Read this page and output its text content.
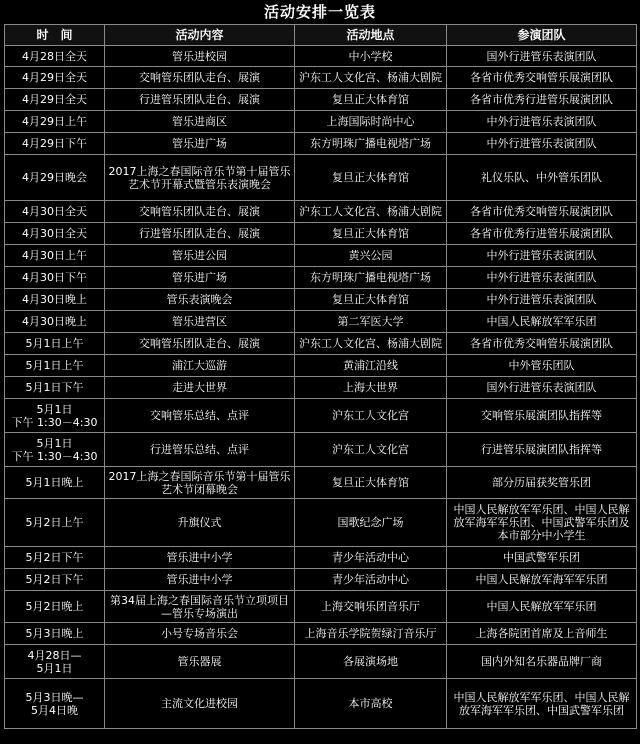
活动安排一览表
时　间	活动内容	活动地点	参演团队
4月28日全天	管乐进校园	中小学校	国外行进管乐表演团队
4月29日全天	交响管乐团队走台、展演	沪东工人文化宫、杨浦大剧院	各省市优秀交响管乐展演团队
4月29日全天	行进管乐团队走台、展演	复旦正大体育馆	各省市优秀行进管乐展演团队
4月29日上午	管乐进商区	上海国际时尚中心	中外行进管乐表演团队
4月29日下午	管乐进广场	东方明珠广播电视塔广场	中外行进管乐表演团队
4月29日晚会	2017上海之春国际音乐节第十届管乐艺术节开幕式暨管乐表演晚会	复旦正大体育馆	礼仪乐队、中外管乐团队
4月30日全天	交响管乐团队走台、展演	沪东工人文化宫、杨浦大剧院	各省市优秀交响管乐展演团队
4月30日全天	行进管乐团队走台、展演	复旦正大体育馆	各省市优秀行进管乐展演团队
4月30日上午	管乐进公园	黄兴公园	中外行进管乐表演团队
4月30日下午	管乐进广场	东方明珠广播电视塔广场	中外行进管乐表演团队
4月30日晚上	管乐表演晚会	复旦正大体育馆	中外行进管乐表演团队
4月30日晚上	管乐进营区	第二军医大学	中国人民解放军军乐团
5月1日上午	交响管乐团队走台、展演	沪东工人文化宫、杨浦大剧院	各省市优秀交响管乐展演团队
5月1日上午	浦江大巡游	黄浦江沿线	中外管乐团队
5月1日下午	走进大世界	上海大世界	国外行进管乐表演团队
5月1日
下午 1:30－4:30	交响管乐总结、点评	沪东工人文化宫	交响管乐展演团队指挥等
5月1日
下午 1:30－4:30	行进管乐总结、点评	沪东工人文化宫	行进管乐展演团队指挥等
5月1日晚上	2017上海之春国际音乐节第十届管乐艺术节闭幕晚会	复旦正大体育馆	部分历届获奖管乐团
5月2日上午	升旗仪式	国歌纪念广场	中国人民解放军军乐团、中国人民解放军海军军乐团、中国武警军乐团及本市部分中小学生
5月2日下午	管乐进中小学	青少年活动中心	中国武警军乐团
5月2日下午	管乐进中小学	青少年活动中心	中国人民解放军海军军乐团
5月2日晚上	第34届上海之春国际音乐节立项项目—管乐专场演出	上海交响乐团音乐厅	中国人民解放军军乐团
5月3日晚上	小号专场音乐会	上海音乐学院贺绿汀音乐厅	上海各院团首席及上音师生
4月28日—
5月1日	管乐器展	各展演场地	国内外知名乐器品牌厂商
5月3日晚—
5月4日晚	主流文化进校园	本市高校	中国人民解放军军乐团、中国人民解放军海军军乐团、中国武警军乐团
